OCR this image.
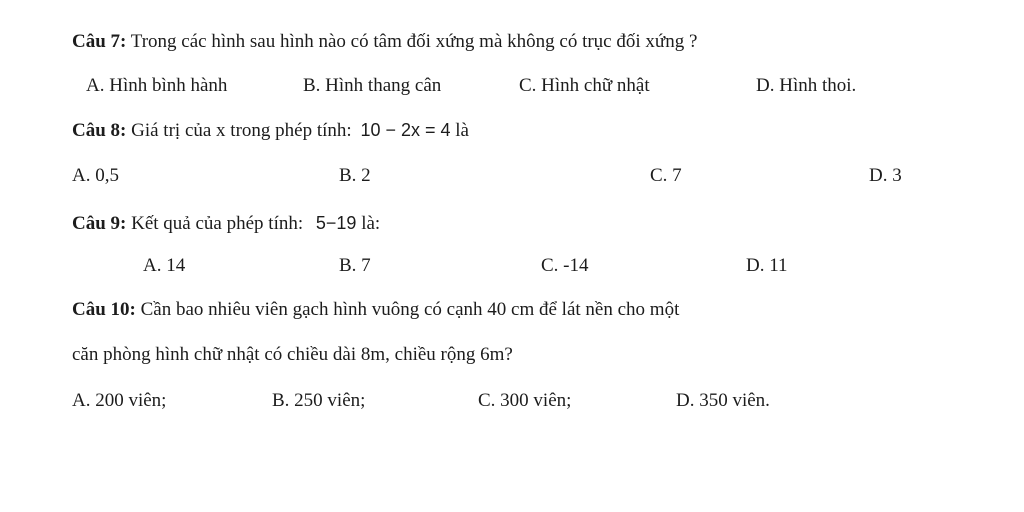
Câu 7: Trong các hình sau hình nào có tâm đối xứng mà không có trục đối xứng ?
A. Hình bình hành	B. Hình thang cân	C. Hình chữ nhật	D. Hình thoi.
Câu 8: Giá trị của x trong phép tính: 10 − 2x = 4 là
A. 0,5	B. 2	C. 7	D. 3
Câu 9: Kết quả của phép tính: 5−19 là:
A. 14	B. 7	C. -14	D. 11
Câu 10: Cần bao nhiêu viên gạch hình vuông có cạnh 40 cm để lát nền cho một
căn phòng hình chữ nhật có chiều dài 8m, chiều rộng 6m?
A. 200 viên;	B. 250 viên;	C. 300 viên;	D. 350 viên.
